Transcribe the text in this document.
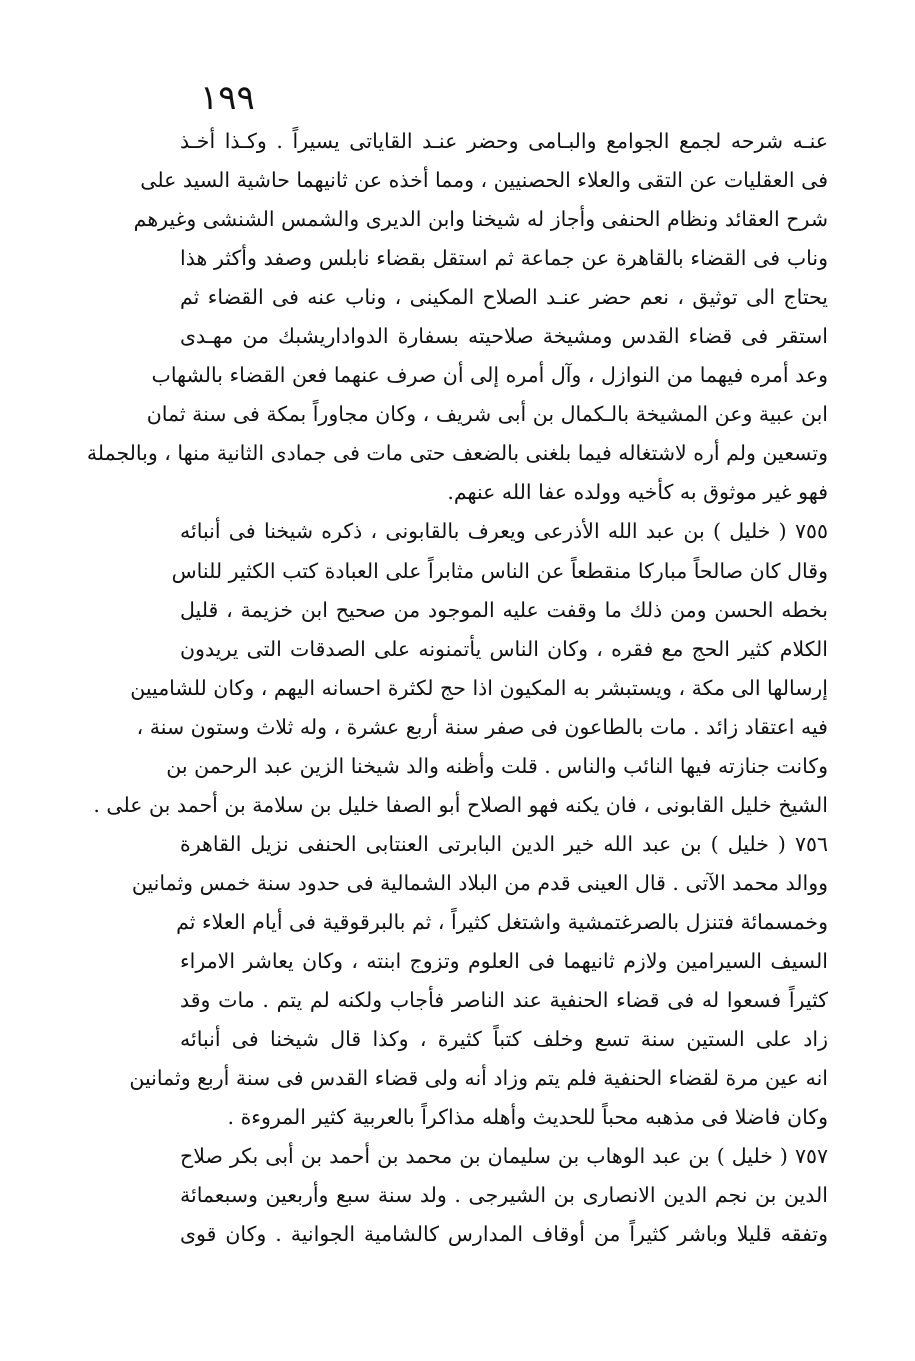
١٩٩
عنـه شرحه لجمع الجوامع والبـامى وحضر عنـد القاياتى يسيراً . وكـذا أخـذ
فى العقليات عن التقى والعلاء الحصنيين ، ومما أخذه عن ثانيهما حاشية السيد على
شرح العقائد ونظام الحنفى وأجاز له شيخنا وابن الديرى والشمس الشنشى وغيرهم
وناب فى القضاء بالقاهرة عن جماعة ثم استقل بقضاء نابلس وصفد وأكثر هذا
يحتاج الى توثيق ، نعم حضر عنـد الصلاح المكينى ، وناب عنه فى القضاء ثم
استقر فى قضاء القدس ومشيخة صلاحيته بسفارة الدواداريشبك من مهـدى
وعد أمره فيهما من النوازل ، وآل أمره إلى أن صرف عنهما فعن القضاء بالشهاب
ابن عبية وعن المشيخة بالـكمال بن أبى شريف ، وكان مجاوراً بمكة فى سنة ثمان
وتسعين ولم أره لاشتغاله فيما بلغنى بالضعف حتى مات فى جمادى الثانية منها ، وبالجملة
فهو غير موثوق به كأخيه وولده عفا الله عنهم.
٧٥٥ ( خليل ) بن عبد الله الأذرعى ويعرف بالقابونى ، ذكره شيخنا فى أنبائه
وقال كان صالحاً مباركا منقطعاً عن الناس مثابراً على العبادة كتب الكثير للناس
بخطه الحسن ومن ذلك ما وقفت عليه الموجود من صحيح ابن خزيمة ، قليل
الكلام كثير الحج مع فقره ، وكان الناس يأتمنونه على الصدقات التى يريدون
إرسالها الى مكة ، ويستبشر به المكيون اذا حج لكثرة احسانه اليهم ، وكان للشاميين
فيه اعتقاد زائد . مات بالطاعون فى صفر سنة أربع عشرة ، وله ثلاث وستون سنة ،
وكانت جنازته فيها النائب والناس . قلت وأظنه والد شيخنا الزين عبد الرحمن بن
الشيخ خليل القابونى ، فان يكنه فهو الصلاح أبو الصفا خليل بن سلامة بن أحمد بن على .
٧٥٦ ( خليل ) بن عبد الله خير الدين البابرتى العنتابى الحنفى نزيل القاهرة
ووالد محمد الآتى . قال العينى قدم من البلاد الشمالية فى حدود سنة خمس وثمانين
وخمسمائة فتنزل بالصرغتمشية واشتغل كثيراً ، ثم بالبرقوقية فى أيام العلاء ثم
السيف السيرامين ولازم ثانيهما فى العلوم وتزوج ابنته ، وكان يعاشر الامراء
كثيراً فسعوا له فى قضاء الحنفية عند الناصر فأجاب ولكنه لم يتم . مات وقد
زاد على الستين سنة تسع وخلف كتباً كثيرة ، وكذا قال شيخنا فى أنبائه
انه عين مرة لقضاء الحنفية فلم يتم وزاد أنه ولى قضاء القدس فى سنة أربع وثمانين
وكان فاضلا فى مذهبه محباً للحديث وأهله مذاكراً بالعربية كثير المروءة .
٧٥٧ ( خليل ) بن عبد الوهاب بن سليمان بن محمد بن أحمد بن أبى بكر صلاح
الدين بن نجم الدين الانصارى بن الشيرجى . ولد سنة سبع وأربعين وسبعمائة
وتفقه قليلا وباشر كثيراً من أوقاف المدارس كالشامية الجوانية . وكان قوى
